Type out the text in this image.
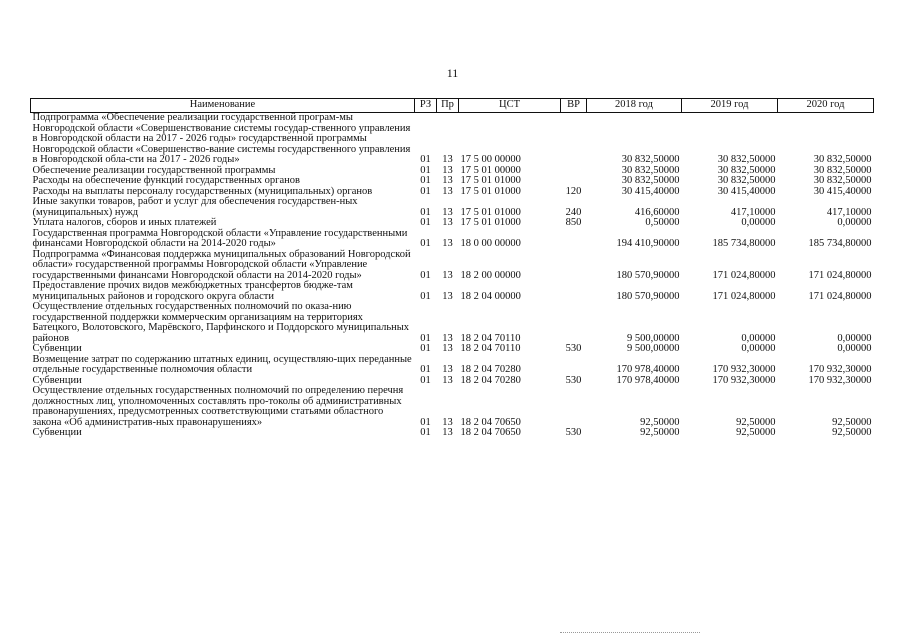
11
Наименование	РЗ	Пр	ЦСТ	ВР	2018 год	2019 год	2020 год
Подпрограмма «Обеспечение реализации государственной програм-мы Новгородской области «Совершенствование системы государ-ственного управления в Новгородской области на 2017 - 2026 годы» государственной программы Новгородской области «Совершенство-вание системы государственного управления в Новгородской обла-сти на 2017 - 2026 годы»	01	13	17 5 00 00000		30 832,50000	30 832,50000	30 832,50000
Обеспечение реализации государственной программы	01	13	17 5 01 00000		30 832,50000	30 832,50000	30 832,50000
Расходы на обеспечение функций государственных органов	01	13	17 5 01 01000		30 832,50000	30 832,50000	30 832,50000
Расходы на выплаты персоналу государственных (муниципальных) органов	01	13	17 5 01 01000	120	30 415,40000	30 415,40000	30 415,40000
Иные закупки товаров, работ и услуг для обеспечения государствен-ных (муниципальных) нужд	01	13	17 5 01 01000	240	416,60000	417,10000	417,10000
Уплата налогов, сборов и иных платежей	01	13	17 5 01 01000	850	0,50000	0,00000	0,00000
Государственная программа Новгородской области «Управление государственными финансами Новгородской области на 2014-2020 годы»	01	13	18 0 00 00000		194 410,90000	185 734,80000	185 734,80000
Подпрограмма «Финансовая поддержка муниципальных образований Новгородской области» государственной программы Новгородской области «Управление государственными финансами Новгородской области на 2014-2020 годы»	01	13	18 2 00 00000		180 570,90000	171 024,80000	171 024,80000
Предоставление прочих видов межбюджетных трансфертов бюдже-там муниципальных районов и городского округа области	01	13	18 2 04 00000		180 570,90000	171 024,80000	171 024,80000
Осуществление отдельных государственных полномочий по оказа-нию государственной поддержки коммерческим организациям на территориях Батецкого, Волотовского, Марёвского, Парфинского и Поддорского муниципальных районов	01	13	18 2 04 70110		9 500,00000	0,00000	0,00000
Субвенции	01	13	18 2 04 70110	530	9 500,00000	0,00000	0,00000
Возмещение затрат по содержанию штатных единиц, осуществляю-щих переданные отдельные государственные полномочия области	01	13	18 2 04 70280		170 978,40000	170 932,30000	170 932,30000
Субвенции	01	13	18 2 04 70280	530	170 978,40000	170 932,30000	170 932,30000
Осуществление отдельных государственных полномочий по определению перечня должностных лиц, уполномоченных составлять про-токолы об административных правонарушениях, предусмотренных соответствующими статьями областного закона «Об административ-ных правонарушениях»	01	13	18 2 04 70650		92,50000	92,50000	92,50000
Субвенции	01	13	18 2 04 70650	530	92,50000	92,50000	92,50000
